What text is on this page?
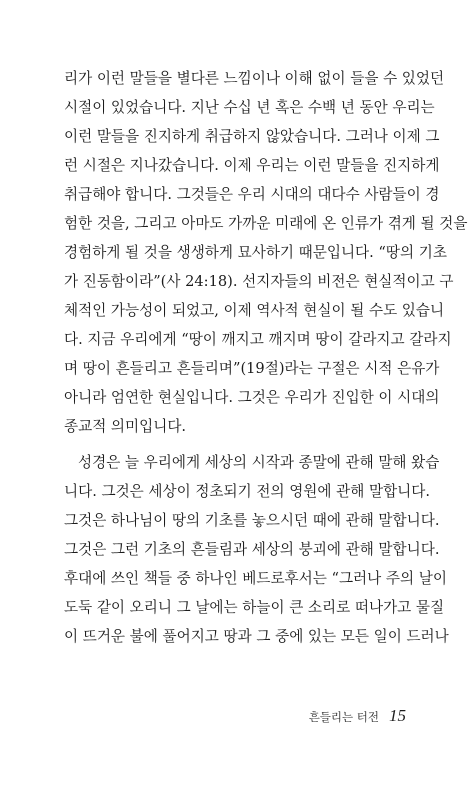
리가 이런 말들을 별다른 느낌이나 이해 없이 들을 수 있었던
시절이 있었습니다. 지난 수십 년 혹은 수백 년 동안 우리는
이런 말들을 진지하게 취급하지 않았습니다. 그러나 이제 그
런 시절은 지나갔습니다. 이제 우리는 이런 말들을 진지하게
취급해야 합니다. 그것들은 우리 시대의 대다수 사람들이 경
험한 것을, 그리고 아마도 가까운 미래에 온 인류가 겪게 될 것을
경험하게 될 것을 생생하게 묘사하기 때문입니다. “땅의 기초
가 진동함이라”(사 24:18). 선지자들의 비전은 현실적이고 구
체적인 가능성이 되었고, 이제 역사적 현실이 될 수도 있습니
다. 지금 우리에게 “땅이 깨지고 깨지며 땅이 갈라지고 갈라지
며 땅이 흔들리고 흔들리며”(19절)라는 구절은 시적 은유가
아니라 엄연한 현실입니다. 그것은 우리가 진입한 이 시대의
종교적 의미입니다.
성경은 늘 우리에게 세상의 시작과 종말에 관해 말해 왔습
니다. 그것은 세상이 정초되기 전의 영원에 관해 말합니다.
그것은 하나님이 땅의 기초를 놓으시던 때에 관해 말합니다.
그것은 그런 기초의 흔들림과 세상의 붕괴에 관해 말합니다.
후대에 쓰인 책들 중 하나인 베드로후서는 “그러나 주의 날이
도둑 같이 오리니 그 날에는 하늘이 큰 소리로 떠나가고 물질
이 뜨거운 불에 풀어지고 땅과 그 중에 있는 모든 일이 드러나
흔들리는 터전 15
